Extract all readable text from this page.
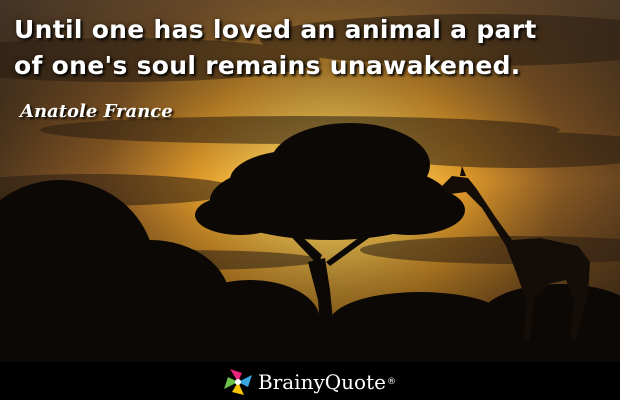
Until one has loved an animal a part
of one's soul remains unawakened.
Anatole France
BrainyQuote ®
